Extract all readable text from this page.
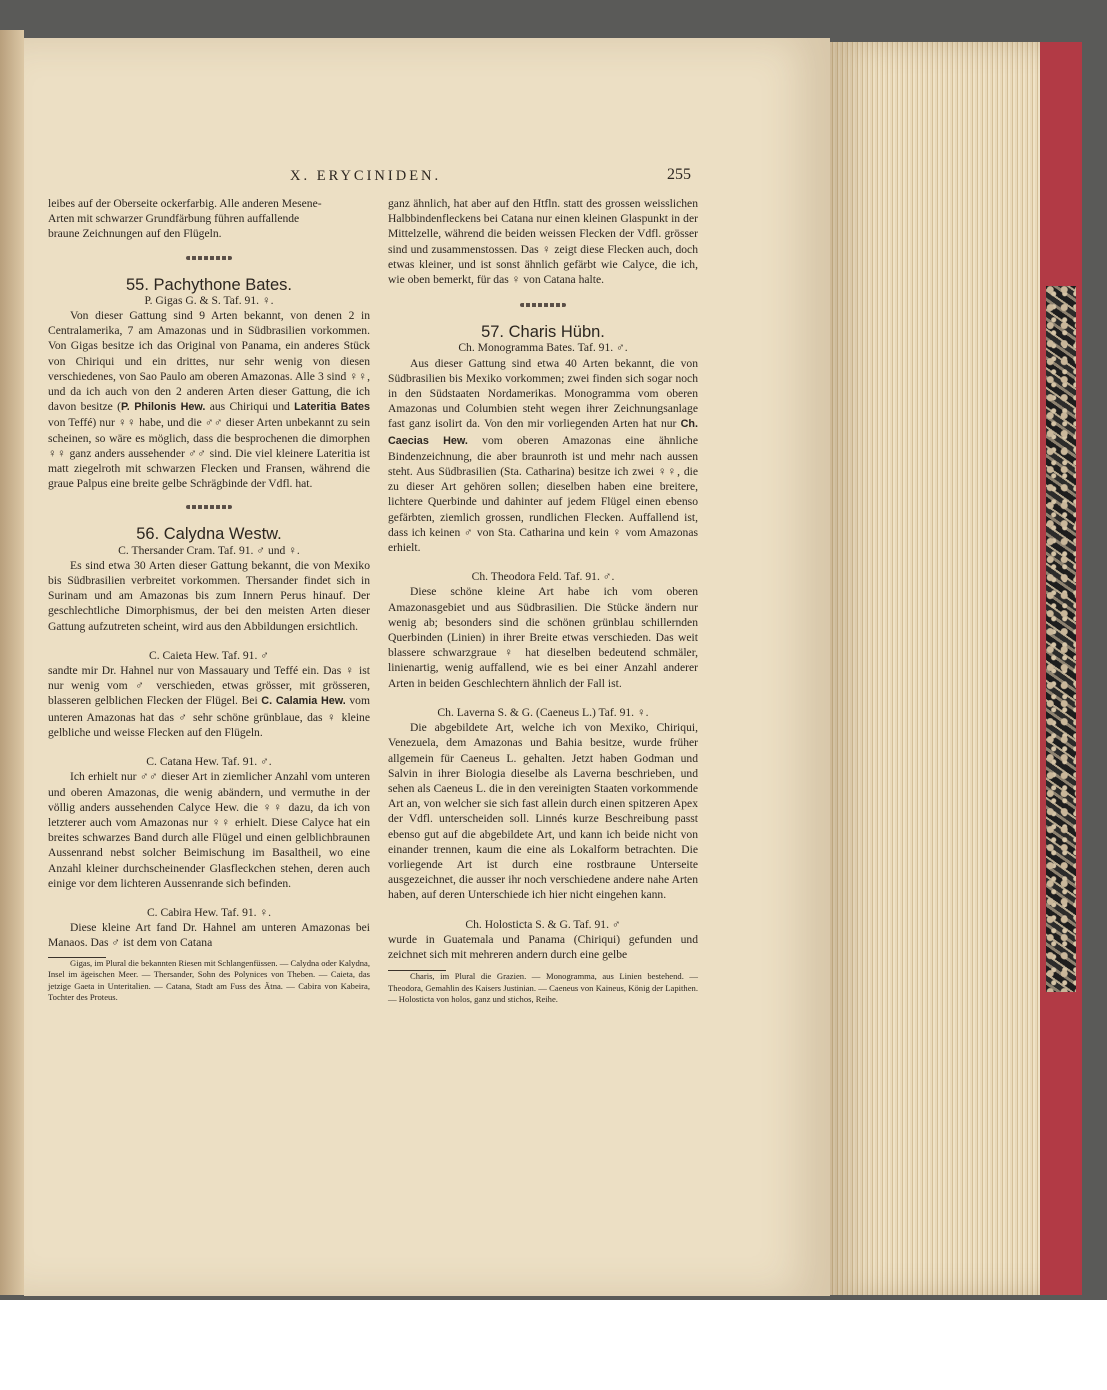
X. ERYCINIDEN.	255

leibes auf der Oberseite ockerfarbig. Alle anderen Mesene-

Arten mit schwarzer Grundfärbung führen auffallende

braune Zeichnungen auf den Flügeln.

55. Pachythone Bates.

P. Gigas G. & S. Taf. 91. ♀.

Von dieser Gattung sind 9 Arten bekannt, von denen 2 in Centralamerika, 7 am Amazonas und in Südbrasilien vorkommen. Von Gigas besitze ich das Original von Panama, ein anderes Stück von Chiriqui und ein drittes, nur sehr wenig von diesen verschiedenes, von Sao Paulo am oberen Amazonas. Alle 3 sind ♀♀, und da ich auch von den 2 anderen Arten dieser Gattung, die ich davon besitze (P. Philonis Hew. aus Chiriqui und Lateritia Bates von Teffé) nur ♀♀ habe, und die ♂♂ dieser Arten unbekannt zu sein scheinen, so wäre es möglich, dass die besprochenen die dimorphen ♀♀ ganz anders aussehender ♂♂ sind. Die viel kleinere Lateritia ist matt ziegelroth mit schwarzen Flecken und Fransen, während die graue Palpus eine breite gelbe Schrägbinde der Vdfl. hat.

56. Calydna Westw.

C. Thersander Cram. Taf. 91. ♂ und ♀.

Es sind etwa 30 Arten dieser Gattung bekannt, die von Mexiko bis Südbrasilien verbreitet vorkommen. Thersander findet sich in Surinam und am Amazonas bis zum Innern Perus hinauf. Der geschlechtliche Dimorphismus, der bei den meisten Arten dieser Gattung aufzutreten scheint, wird aus den Abbildungen ersichtlich.

C. Caieta Hew. Taf. 91. ♂

sandte mir Dr. Hahnel nur von Massauary und Teffé ein. Das ♀ ist nur wenig vom ♂ verschieden, etwas grösser, mit grösseren, blasseren gelblichen Flecken der Flügel. Bei C. Calamia Hew. vom unteren Amazonas hat das ♂ sehr schöne grünblaue, das ♀ kleine gelbliche und weisse Flecken auf den Flügeln.

C. Catana Hew. Taf. 91. ♂.

Ich erhielt nur ♂♂ dieser Art in ziemlicher Anzahl vom unteren und oberen Amazonas, die wenig abändern, und vermuthe in der völlig anders aussehenden Calyce Hew. die ♀♀ dazu, da ich von letzterer auch vom Amazonas nur ♀♀ erhielt. Diese Calyce hat ein breites schwarzes Band durch alle Flügel und einen gelblichbraunen Aussenrand nebst solcher Beimischung im Basaltheil, wo eine Anzahl kleiner durchscheinender Glasfleckchen stehen, deren auch einige vor dem lichteren Aussenrande sich befinden.

C. Cabira Hew. Taf. 91. ♀.

Diese kleine Art fand Dr. Hahnel am unteren Amazonas bei Manaos. Das ♂ ist dem von Catana

Gigas, im Plural die bekannten Riesen mit Schlangenfüssen. — Calydna oder Kalydna, Insel im ägeischen Meer. — Thersander, Sohn des Polynices von Theben. — Caieta, das jetzige Gaeta in Unteritalien. — Catana, Stadt am Fuss des Ätna. — Cabira von Kabeira, Tochter des Proteus.

ganz ähnlich, hat aber auf den Htfln. statt des grossen weisslichen Halbbindenfleckens bei Catana nur einen kleinen Glaspunkt in der Mittelzelle, während die beiden weissen Flecken der Vdfl. grösser sind und zusammenstossen. Das ♀ zeigt diese Flecken auch, doch etwas kleiner, und ist sonst ähnlich gefärbt wie Calyce, die ich, wie oben bemerkt, für das ♀ von Catana halte.

57. Charis Hübn.

Ch. Monogramma Bates. Taf. 91. ♂.

Aus dieser Gattung sind etwa 40 Arten bekannt, die von Südbrasilien bis Mexiko vorkommen; zwei finden sich sogar noch in den Südstaaten Nordamerikas. Monogramma vom oberen Amazonas und Columbien steht wegen ihrer Zeichnungsanlage fast ganz isolirt da. Von den mir vorliegenden Arten hat nur Ch. Caecias Hew. vom oberen Amazonas eine ähnliche Bindenzeichnung, die aber braunroth ist und mehr nach aussen steht. Aus Südbrasilien (Sta. Catharina) besitze ich zwei ♀♀, die zu dieser Art gehören sollen; dieselben haben eine breitere, lichtere Querbinde und dahinter auf jedem Flügel einen ebenso gefärbten, ziemlich grossen, rundlichen Flecken. Auffallend ist, dass ich keinen ♂ von Sta. Catharina und kein ♀ vom Amazonas erhielt.

Ch. Theodora Feld. Taf. 91. ♂.

Diese schöne kleine Art habe ich vom oberen Amazonasgebiet und aus Südbrasilien. Die Stücke ändern nur wenig ab; besonders sind die schönen grünblau schillernden Querbinden (Linien) in ihrer Breite etwas verschieden. Das weit blassere schwarzgraue ♀ hat dieselben bedeutend schmäler, linienartig, wenig auffallend, wie es bei einer Anzahl anderer Arten in beiden Geschlechtern ähnlich der Fall ist.

Ch. Laverna S. & G. (Caeneus L.) Taf. 91. ♀.

Die abgebildete Art, welche ich von Mexiko, Chiriqui, Venezuela, dem Amazonas und Bahia besitze, wurde früher allgemein für Caeneus L. gehalten. Jetzt haben Godman und Salvin in ihrer Biologia dieselbe als Laverna beschrieben, und sehen als Caeneus L. die in den vereinigten Staaten vorkommende Art an, von welcher sie sich fast allein durch einen spitzeren Apex der Vdfl. unterscheiden soll. Linnés kurze Beschreibung passt ebenso gut auf die abgebildete Art, und kann ich beide nicht von einander trennen, kaum die eine als Lokalform betrachten. Die vorliegende Art ist durch eine rostbraune Unterseite ausgezeichnet, die ausser ihr noch verschiedene andere nahe Arten haben, auf deren Unterschiede ich hier nicht eingehen kann.

Ch. Holosticta S. & G. Taf. 91. ♂

wurde in Guatemala und Panama (Chiriqui) gefunden und zeichnet sich mit mehreren andern durch eine gelbe

Charis, im Plural die Grazien. — Monogramma, aus Linien bestehend. — Theodora, Gemahlin des Kaisers Justinian. — Caeneus von Kaineus, König der Lapithen. — Holosticta von holos, ganz und stichos, Reihe.
